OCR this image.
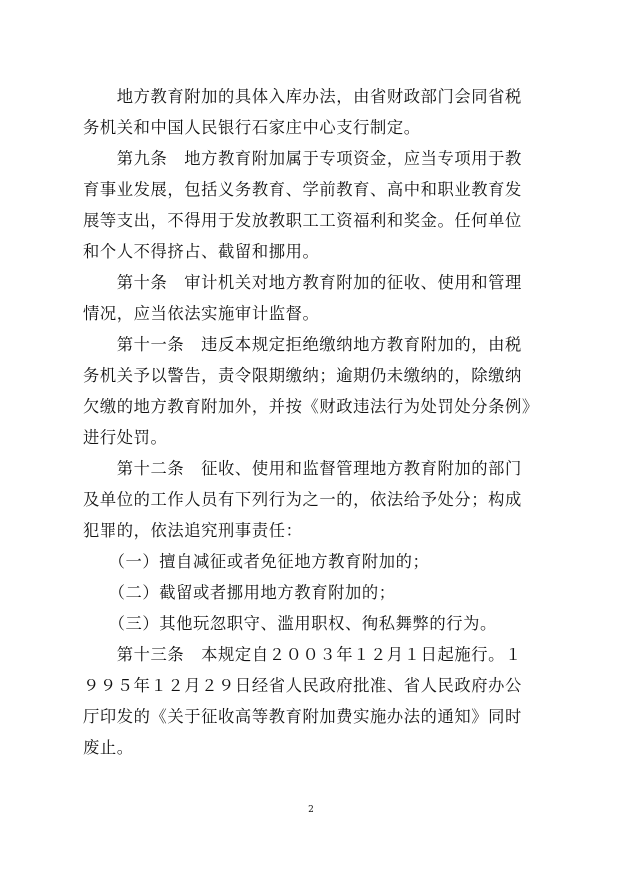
　　地方教育附加的具体入库办法，由省财政部门会同省税
务机关和中国人民银行石家庄中心支行制定。
　　第九条　地方教育附加属于专项资金，应当专项用于教
育事业发展，包括义务教育、学前教育、高中和职业教育发
展等支出，不得用于发放教职工工资福利和奖金。任何单位
和个人不得挤占、截留和挪用。
　　第十条　审计机关对地方教育附加的征收、使用和管理
情况，应当依法实施审计监督。
　　第十一条　违反本规定拒绝缴纳地方教育附加的，由税
务机关予以警告，责令限期缴纳；逾期仍未缴纳的，除缴纳
欠缴的地方教育附加外，并按《财政违法行为处罚处分条例》
进行处罚。
　　第十二条　征收、使用和监督管理地方教育附加的部门
及单位的工作人员有下列行为之一的，依法给予处分；构成
犯罪的，依法追究刑事责任：
　　（一）擅自减征或者免征地方教育附加的；
　　（二）截留或者挪用地方教育附加的；
　　（三）其他玩忽职守、滥用职权、徇私舞弊的行为。
　　第十三条　本规定自２００３年１２月１日起施行。１
９９５年１２月２９日经省人民政府批准、省人民政府办公
厅印发的《关于征收高等教育附加费实施办法的通知》同时
废止。
2
